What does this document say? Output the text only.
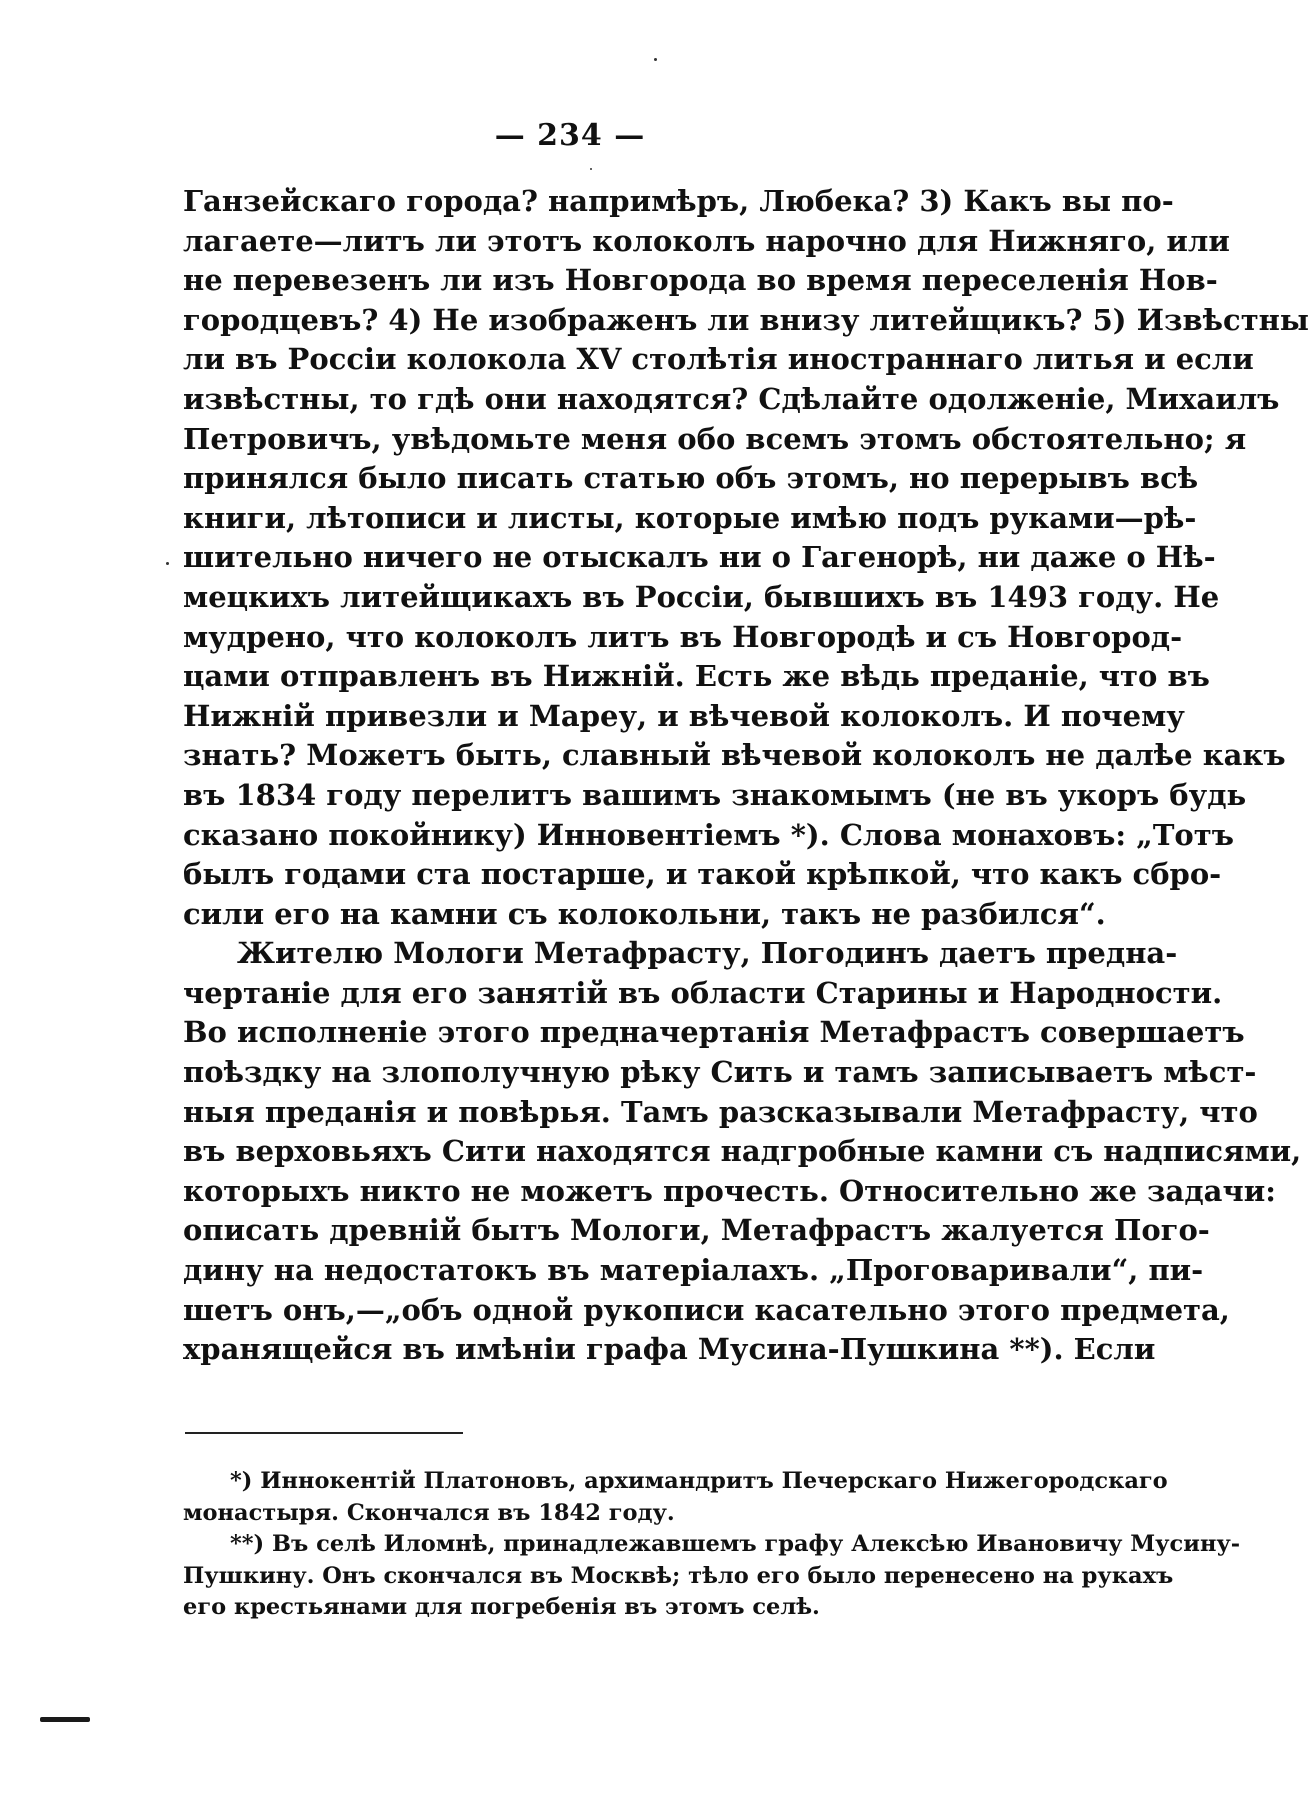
— 234 —
Ганзейскаго города? напримѣръ, Любека? 3) Какъ вы по-
лагаете—литъ ли этотъ колоколъ нарочно для Нижняго, или
не перевезенъ ли изъ Новгорода во время переселенія Нов-
городцевъ? 4) Не изображенъ ли внизу литейщикъ? 5) Извѣстны
ли въ Россіи колокола XV столѣтія иностраннаго литья и если
извѣстны, то гдѣ они находятся? Сдѣлайте одолженіе, Михаилъ
Петровичъ, увѣдомьте меня обо всемъ этомъ обстоятельно; я
принялся было писать статью объ этомъ, но перерывъ всѣ
книги, лѣтописи и листы, которые имѣю подъ руками—рѣ-
шительно ничего не отыскалъ ни о Гагенорѣ, ни даже о Нѣ-
мецкихъ литейщикахъ въ Россіи, бывшихъ въ 1493 году. Не
мудрено, что колоколъ литъ въ Новгородѣ и съ Новгород-
цами отправленъ въ Нижній. Есть же вѣдь преданіе, что въ
Нижній привезли и Мареу, и вѣчевой колоколъ. И почему
знать? Можетъ быть, славный вѣчевой колоколъ не далѣе какъ
въ 1834 году перелитъ вашимъ знакомымъ (не въ укоръ будь
сказано покойнику) Инновентіемъ *). Слова монаховъ: „Тотъ
былъ годами ста постарше, и такой крѣпкой, что какъ сбро-
сили его на камни съ колокольни, такъ не разбился“.
Жителю Мологи Метафрасту, Погодинъ даетъ предна-
чертаніе для его занятій въ области Старины и Народности.
Во исполненіе этого предначертанія Метафрастъ совершаетъ
поѣздку на злополучную рѣку Сить и тамъ записываетъ мѣст-
ныя преданія и повѣрья. Тамъ разсказывали Метафрасту, что
въ верховьяхъ Сити находятся надгробные камни съ надписями,
которыхъ никто не можетъ прочесть. Относительно же задачи:
описать древній бытъ Мологи, Метафрастъ жалуется Пого-
дину на недостатокъ въ матеріалахъ. „Проговаривали“, пи-
шетъ онъ,—„объ одной рукописи касательно этого предмета,
хранящейся въ имѣніи графа Мусина-Пушкина **). Если
*) Иннокентій Платоновъ, архимандритъ Печерскаго Нижегородскаго
монастыря. Скончался въ 1842 году.
**) Въ селѣ Иломнѣ, принадлежавшемъ графу Алексѣю Ивановичу Мусину-
Пушкину. Онъ скончался въ Москвѣ; тѣло его было перенесено на рукахъ
его крестьянами для погребенія въ этомъ селѣ.
